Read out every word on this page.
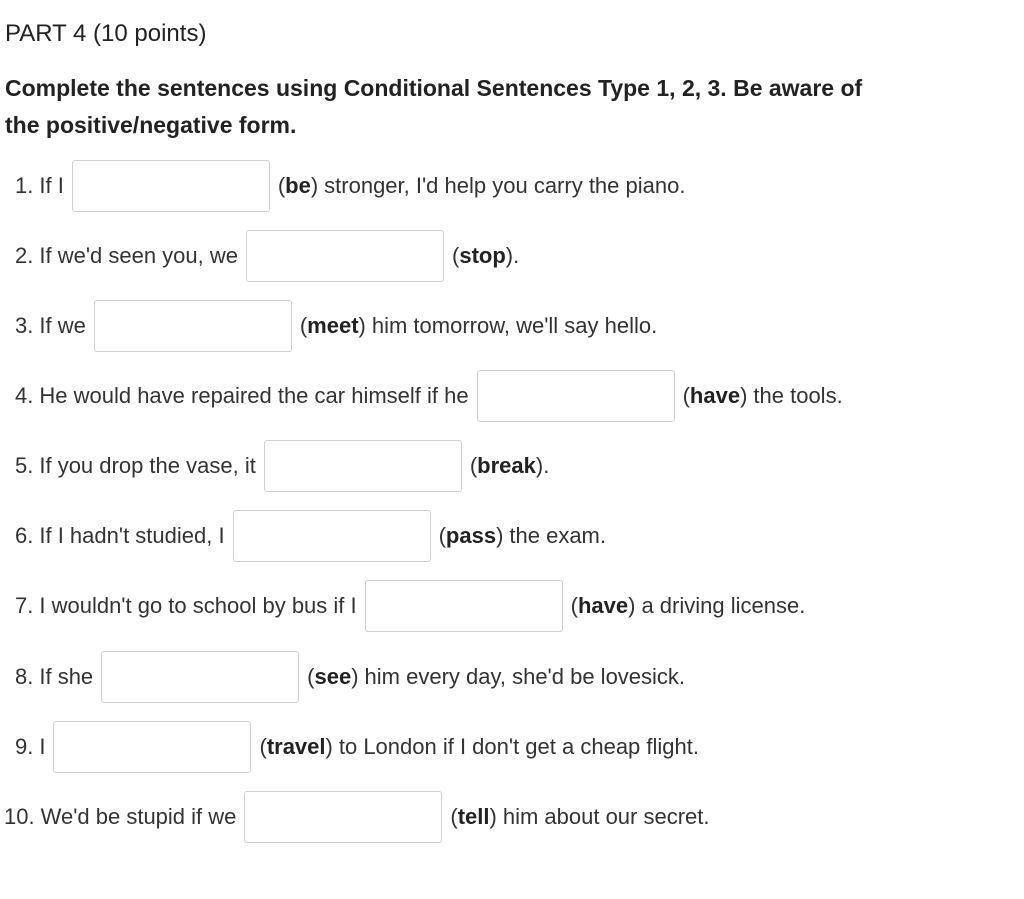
PART 4 (10 points)

Complete the sentences using Conditional Sentences Type 1, 2, 3. Be aware of the positive/negative form.

1. If I	(be) stronger, I'd help you carry the piano.
2. If we'd seen you, we	(stop) .
3. If we	(meet) him tomorrow, we'll say hello.
4. He would have repaired the car himself if he	(have) the tools.
5. If you drop the vase, it	(break) .
6. If I hadn't studied, I	(pass) the exam.
7. I wouldn't go to school by bus if I	(have) a driving license.
8. If she	(see) him every day, she'd be lovesick.
9. I	(travel) to London if I don't get a cheap flight.
10. We'd be stupid if we	(tell) him about our secret.
